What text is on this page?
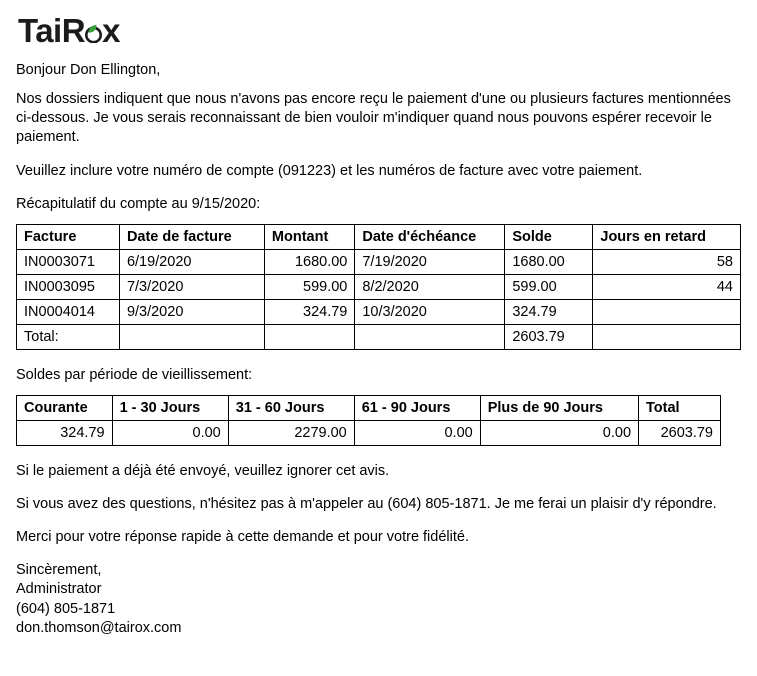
TaiR x

Bonjour Don Ellington,

Nos dossiers indiquent que nous n'avons pas encore reçu le paiement d'une ou plusieurs factures mentionnées ci-dessous. Je vous serais reconnaissant de bien vouloir m'indiquer quand nous pouvons espérer recevoir le paiement.

Veuillez inclure votre numéro de compte (091223) et les numéros de facture avec votre paiement.

Récapitulatif du compte au 9/15/2020:

Facture	Date de facture	Montant	Date d'échéance	Solde	Jours en retard
IN0003071	6/19/2020	1680.00	7/19/2020	1680.00	58
IN0003095	7/3/2020	599.00	8/2/2020	599.00	44
IN0004014	9/3/2020	324.79	10/3/2020	324.79	
Total:				2603.79	

Soldes par période de vieillissement:

Courante	1 - 30 Jours	31 - 60 Jours	61 - 90 Jours	Plus de 90 Jours	Total
324.79	0.00	2279.00	0.00	0.00	2603.79

Si le paiement a déjà été envoyé, veuillez ignorer cet avis.

Si vous avez des questions, n'hésitez pas à m'appeler au (604) 805-1871. Je me ferai un plaisir d'y répondre.

Merci pour votre réponse rapide à cette demande et pour votre fidélité.

Sincèrement,
Administrator
(604) 805-1871
don.thomson@tairox.com
